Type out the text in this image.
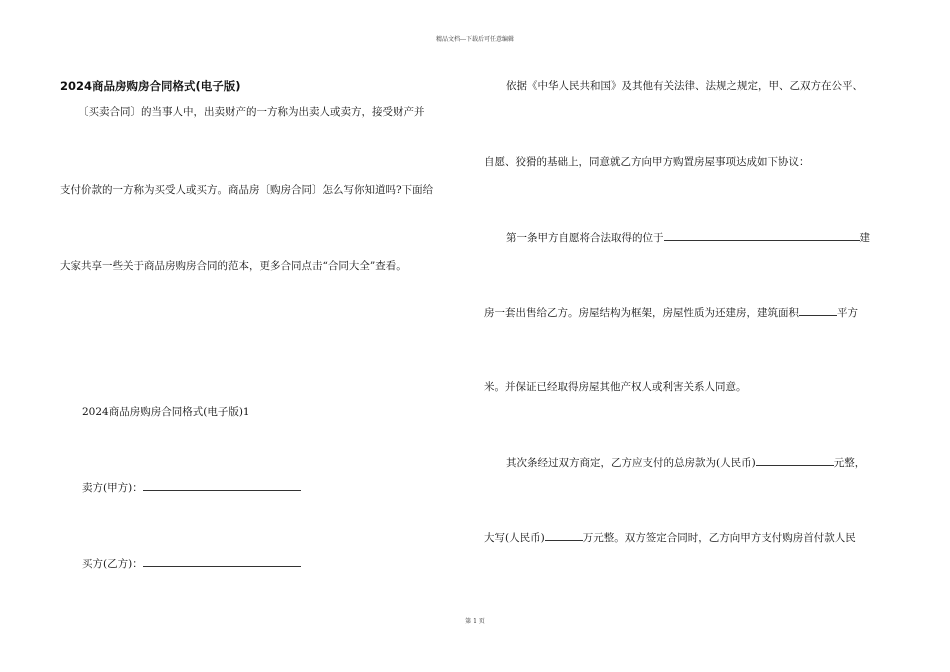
精品文档---下载后可任意编辑
2024商品房购房合同格式(电子版)
〔买卖合同〕的当事人中，出卖财产的一方称为出卖人或卖方，接受财产并
支付价款的一方称为买受人或买方。商品房〔购房合同〕怎么写你知道吗?下面给
大家共享一些关于商品房购房合同的范本，更多合同点击“合同大全”查看。
2024商品房购房合同格式(电子版)1
卖方(甲方)：
买方(乙方)：
依据《中华人民共和国》及其他有关法律、法规之规定，甲、乙双方在公平、
自愿、狡猾的基础上，同意就乙方向甲方购置房屋事项达成如下协议：
第一条甲方自愿将合法取得的位于	建
房一套出售给乙方。房屋结构为框架，房屋性质为还建房，建筑面积	平方
米。并保证已经取得房屋其他产权人或利害关系人同意。
其次条经过双方商定，乙方应支付的总房款为(人民币)	元整，
大写(人民币)	万元整。双方签定合同时，乙方向甲方支付购房首付款人民
第 1 页
